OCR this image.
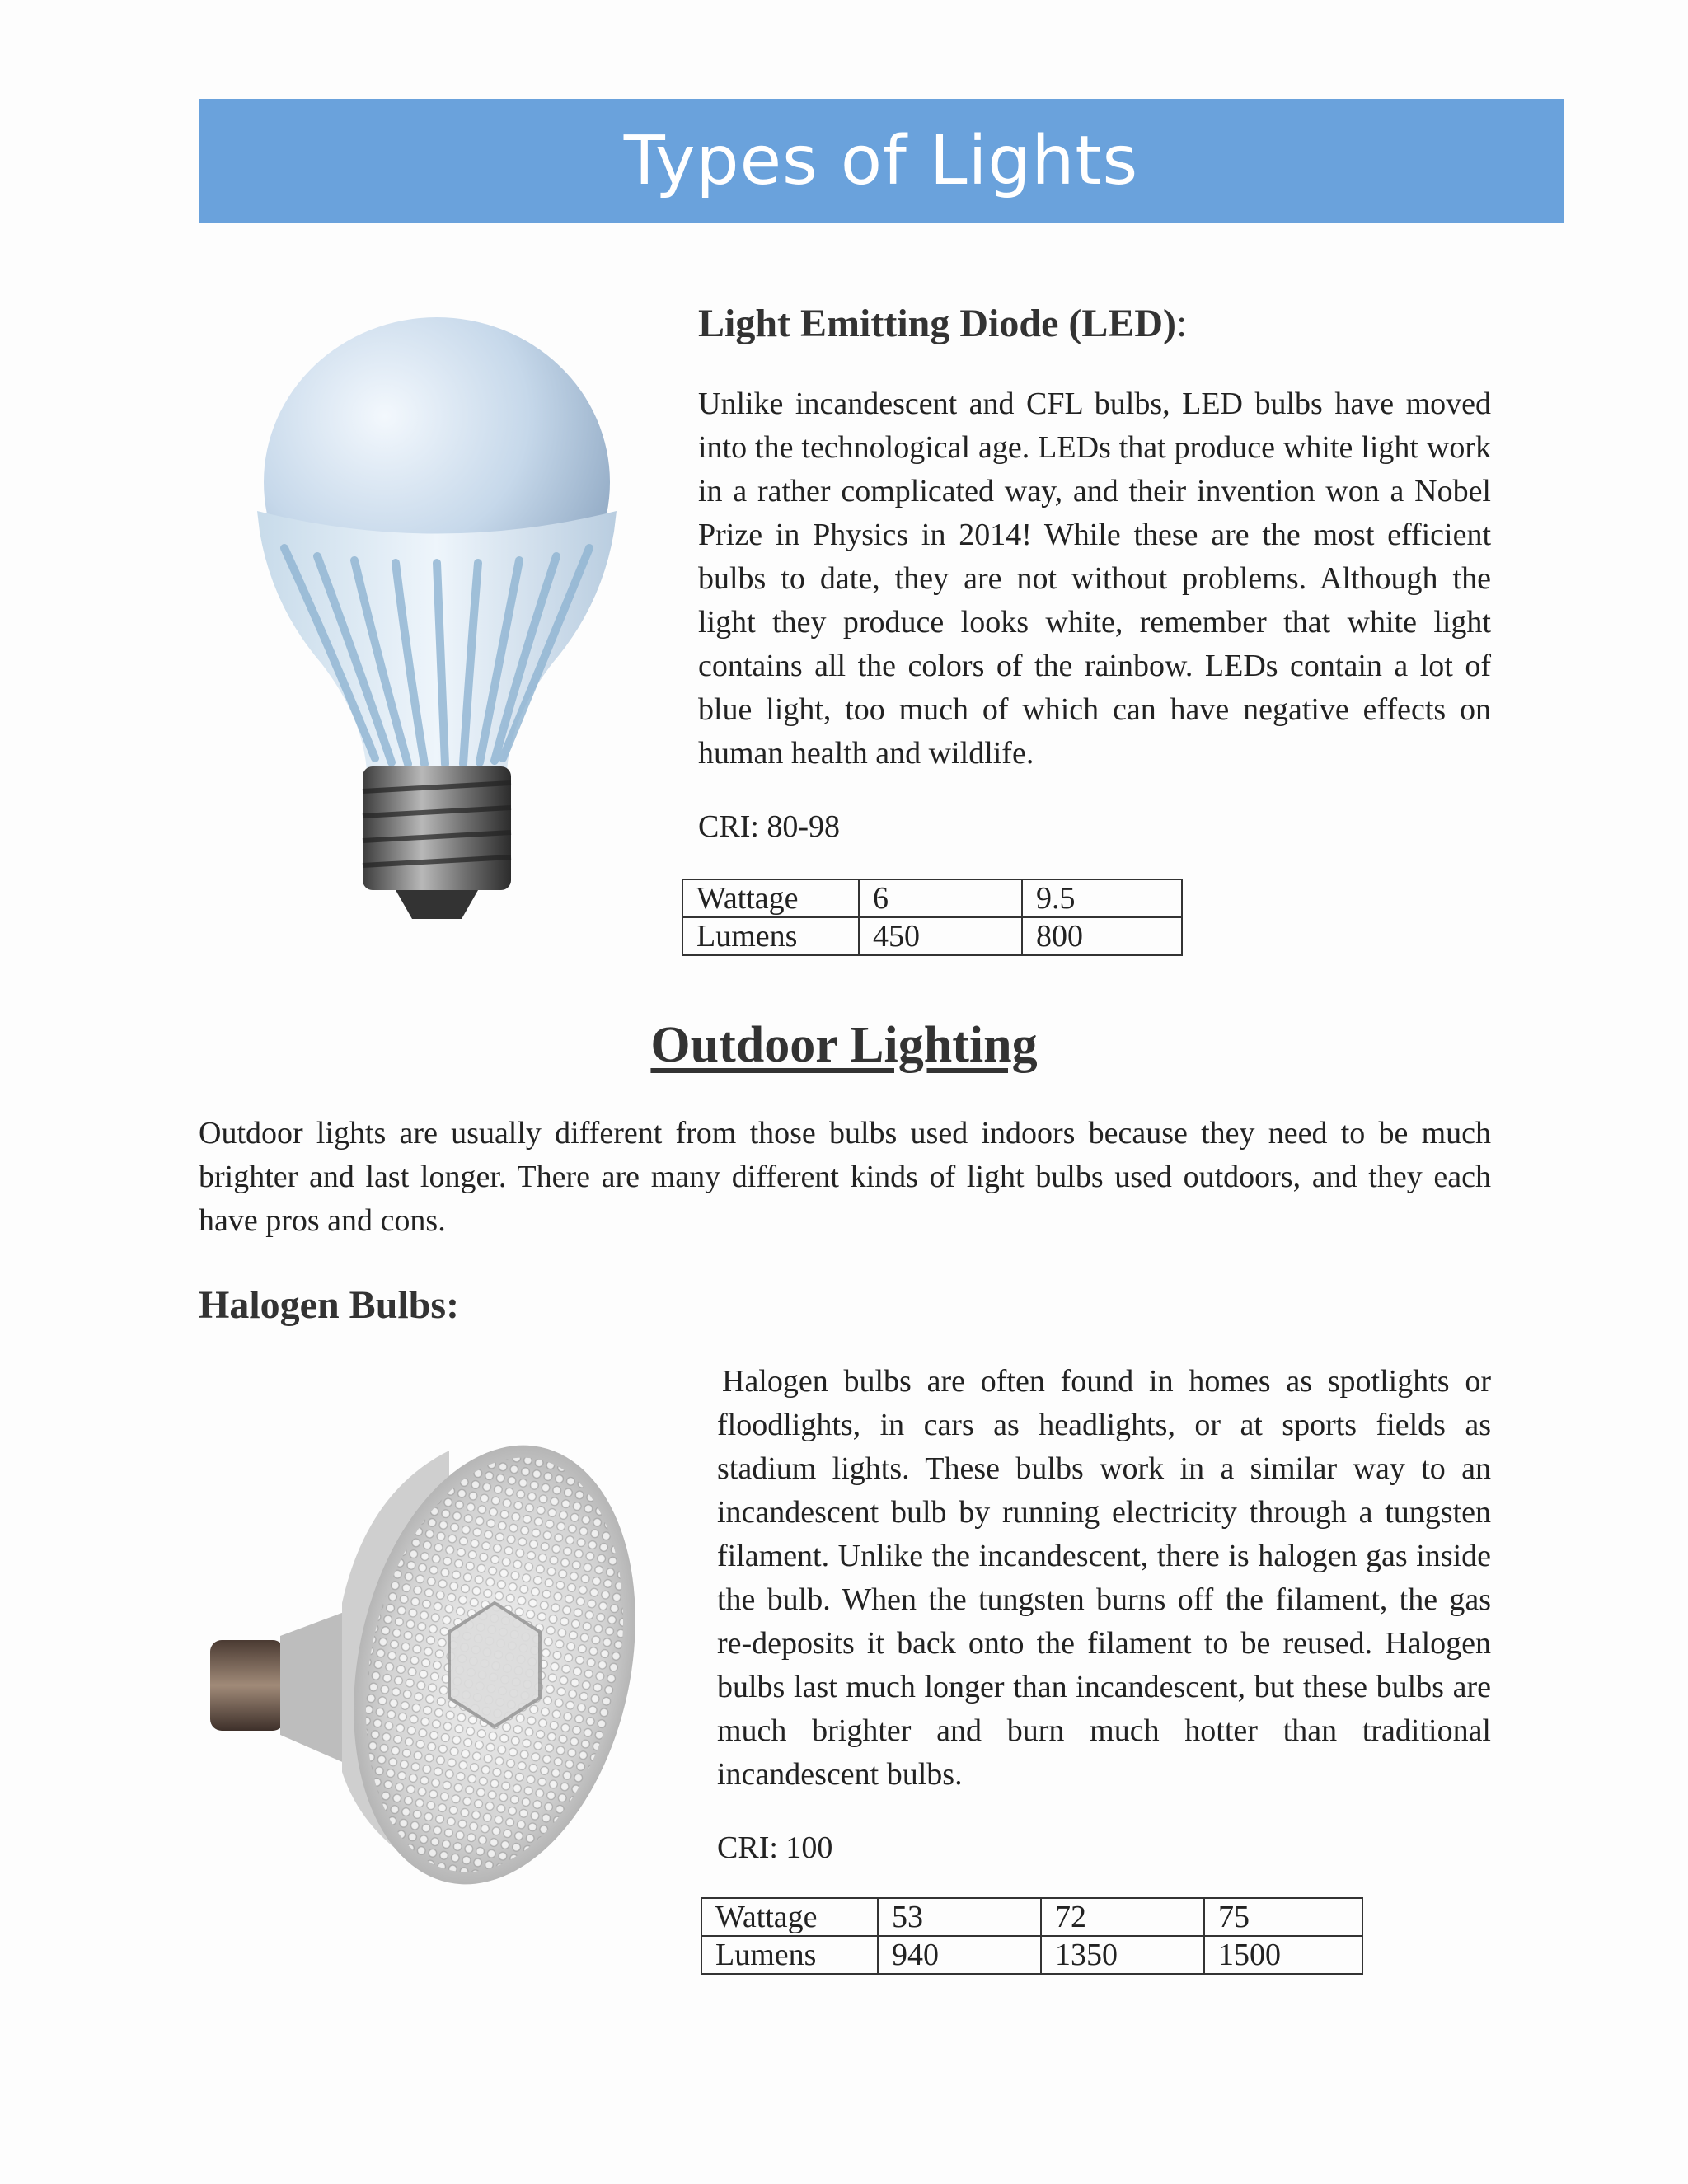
Types of Lights
Light Emitting Diode (LED):

Unlike incandescent and CFL bulbs, LED bulbs have moved into the technological age. LEDs that produce white light work in a rather complicated way, and their invention won a Nobel Prize in Physics in 2014! While these are the most efficient bulbs to date, they are not without problems. Although the light they produce looks white, remember that white light contains all the colors of the rainbow. LEDs contain a lot of blue light, too much of which can have negative effects on human health and wildlife.

CRI: 80-98

Wattage	6	9.5
Lumens	450	800
Outdoor Lighting

Outdoor lights are usually different from those bulbs used indoors because they need to be much brighter and last longer. There are many different kinds of light bulbs used outdoors, and they each have pros and cons.

Halogen Bulbs:

Halogen bulbs are often found in homes as spotlights or floodlights, in cars as headlights, or at sports fields as stadium lights. These bulbs work in a similar way to an incandescent bulb by running electricity through a tungsten filament. Unlike the incandescent, there is halogen gas inside the bulb. When the tungsten burns off the filament, the gas re-deposits it back onto the filament to be reused. Halogen bulbs last much longer than incandescent, but these bulbs are much brighter and burn much hotter than traditional incandescent bulbs.

CRI: 100

Wattage	53	72	75
Lumens	940	1350	1500
